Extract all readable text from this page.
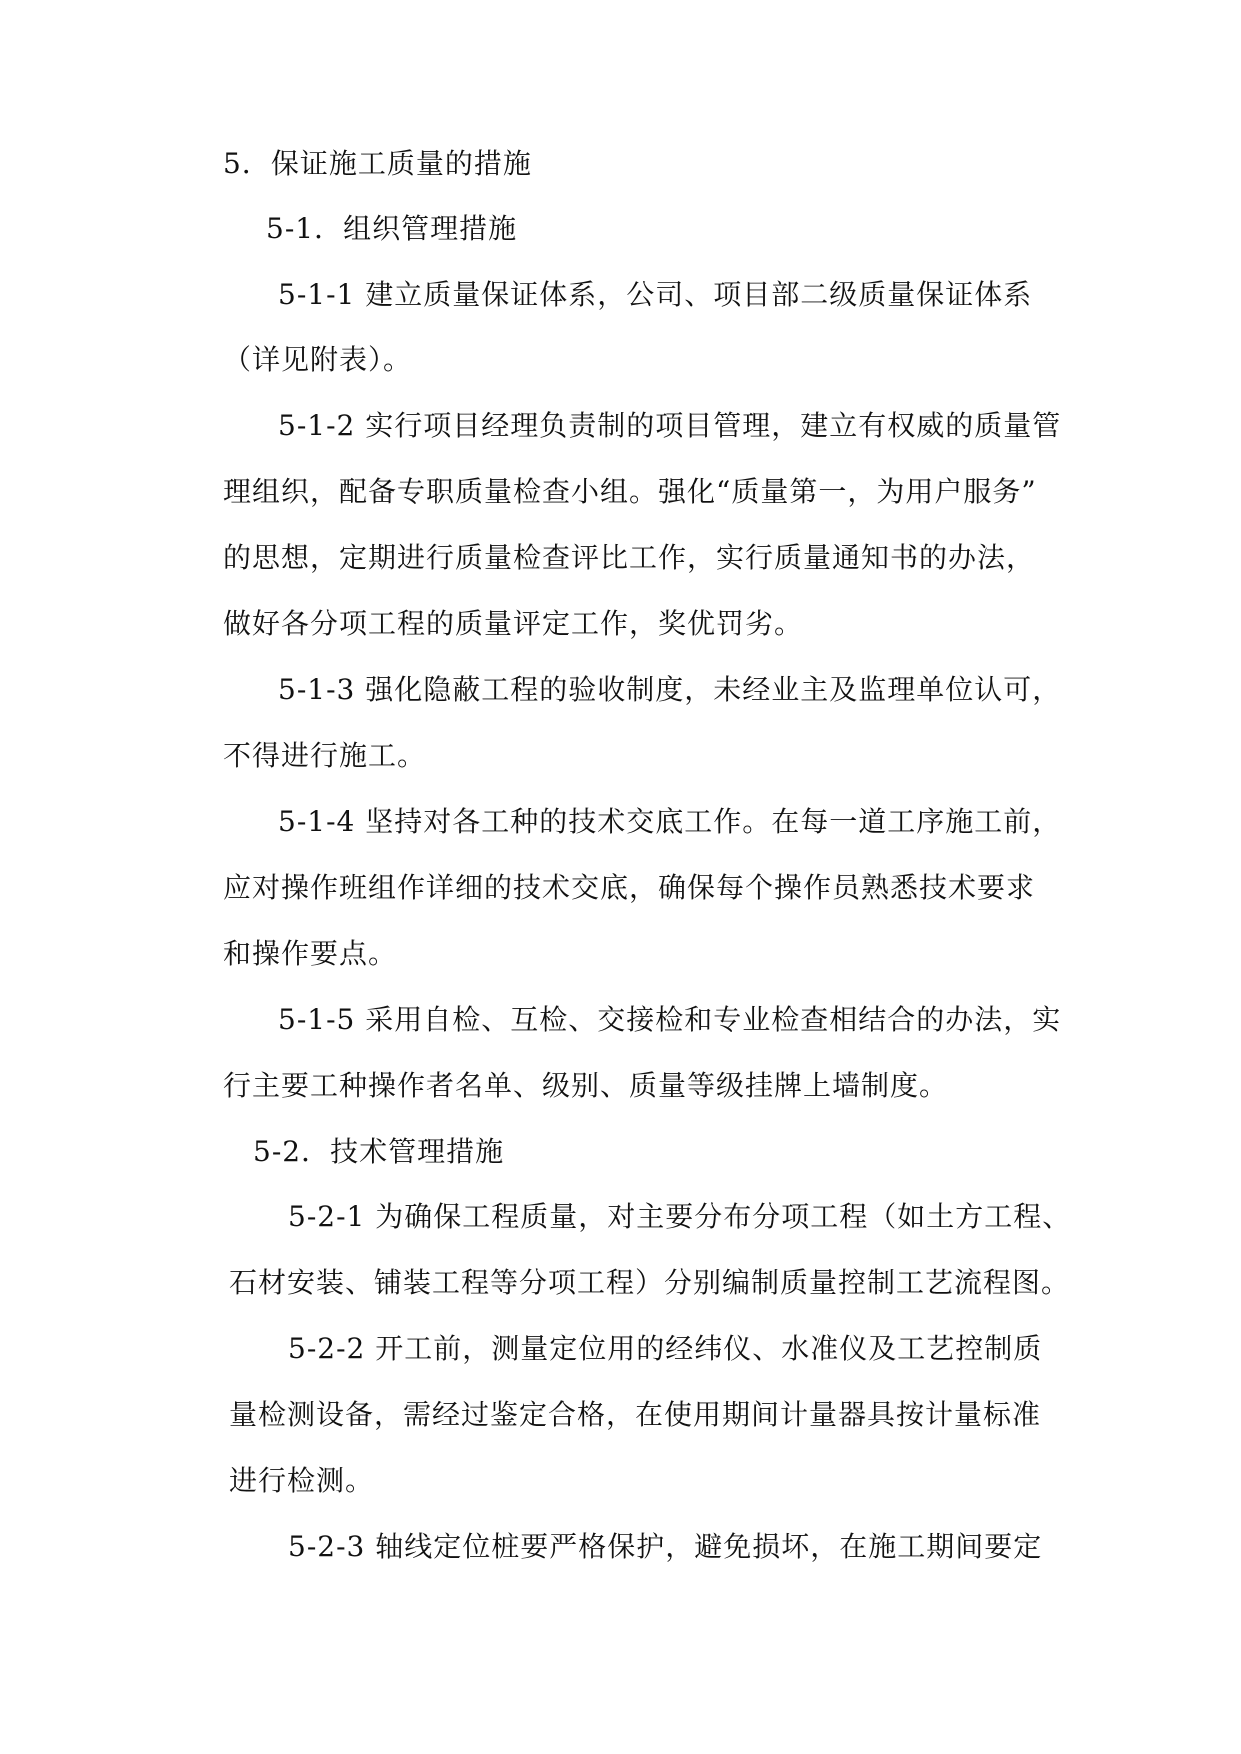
5．保证施工质量的措施
5-1．组织管理措施
5-1-1 建立质量保证体系，公司、项目部二级质量保证体系
（详见附表）。
5-1-2 实行项目经理负责制的项目管理，建立有权威的质量管
理组织，配备专职质量检查小组。强化“质量第一，为用户服务”
的思想，定期进行质量检查评比工作，实行质量通知书的办法，
做好各分项工程的质量评定工作，奖优罚劣。
5-1-3 强化隐蔽工程的验收制度，未经业主及监理单位认可，
不得进行施工。
5-1-4 坚持对各工种的技术交底工作。在每一道工序施工前，
应对操作班组作详细的技术交底，确保每个操作员熟悉技术要求
和操作要点。
5-1-5 采用自检、互检、交接检和专业检查相结合的办法，实
行主要工种操作者名单、级别、质量等级挂牌上墙制度。
5-2．技术管理措施
5-2-1 为确保工程质量，对主要分布分项工程（如土方工程、
石材安装、铺装工程等分项工程）分别编制质量控制工艺流程图。
5-2-2 开工前，测量定位用的经纬仪、水准仪及工艺控制质
量检测设备，需经过鉴定合格，在使用期间计量器具按计量标准
进行检测。
5-2-3 轴线定位桩要严格保护，避免损坏，在施工期间要定
